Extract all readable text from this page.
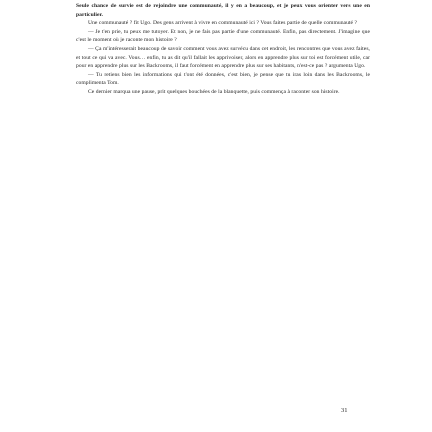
Seule chance de survie est de rejoindre une communauté, il y en a beaucoup, et je peux vous orienter vers une en particulier.

Une communauté ? fit Ugo. Des gens arrivent à vivre en communauté ici ? Vous faites partie de quelle communauté ?

— Je t'en prie, tu peux me tutoyer. Et non, je ne fais pas partie d'une communauté. Enfin, pas directement. J'imagine que c'est le moment où je raconte mon histoire ?

— Ça m'intéresserait beaucoup de savoir comment vous avez survécu dans cet endroit, les rencontres que vous avez faites, et tout ce qui va avec. Vous… enfin, tu as dit qu'il fallait les apprivoiser, alors en apprendre plus sur toi est forcément utile, car pour en apprendre plus sur les Backrooms, il faut forcément en apprendre plus sur ses habitants, n'est-ce pas ? argumenta Ugo.

— Tu retiens bien les informations qui t'ont été données, c'est bien, je pense que tu iras loin dans les Backrooms, le complimenta Tom.

Ce dernier marqua une pause, prit quelques bouchées de la blanquette, puis commença à raconter son histoire.

31
